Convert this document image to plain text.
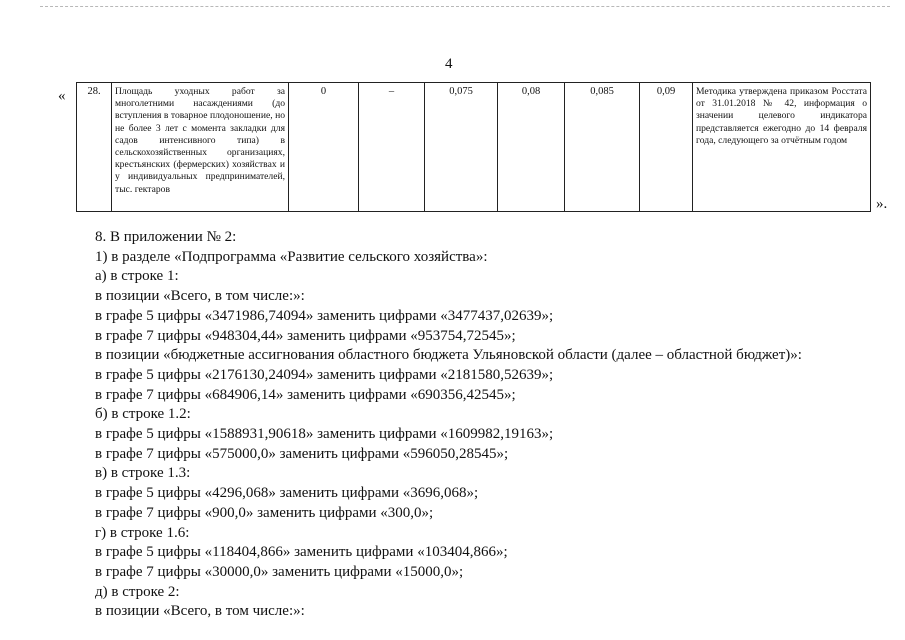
4
« 28.	Площадь уходных работ за многолетними насаждениями (до вступления в товарное плодоношение, но не более 3 лет с момента закладки для садов интенсивного типа) в сельскохозяйственных организациях, крестьянских (фермерских) хозяйствах и у индивидуальных предпринимателей, тыс. гектаров	0	–	0,075	0,08	0,085	0,09	Методика утверждена приказом Росстата от 31.01.2018 № 42, информация о значении целевого индикатора представляется ежегодно до 14 февраля года, следующего за отчётным годом
».
8. В приложении № 2:
1) в разделе «Подпрограмма «Развитие сельского хозяйства»:
а) в строке 1:
в позиции «Всего, в том числе:»:
в графе 5 цифры «3471986,74094» заменить цифрами «3477437,02639»;
в графе 7 цифры «948304,44» заменить цифрами «953754,72545»;
в позиции «бюджетные ассигнования областного бюджета Ульяновской области (далее – областной бюджет)»:
в графе 5 цифры «2176130,24094» заменить цифрами «2181580,52639»;
в графе 7 цифры «684906,14» заменить цифрами «690356,42545»;
б) в строке 1.2:
в графе 5 цифры «1588931,90618» заменить цифрами «1609982,19163»;
в графе 7 цифры «575000,0» заменить цифрами «596050,28545»;
в) в строке 1.3:
в графе 5 цифры «4296,068» заменить цифрами «3696,068»;
в графе 7 цифры «900,0» заменить цифрами «300,0»;
г) в строке 1.6:
в графе 5 цифры «118404,866» заменить цифрами «103404,866»;
в графе 7 цифры «30000,0» заменить цифрами «15000,0»;
д) в строке 2:
в позиции «Всего, в том числе:»:
